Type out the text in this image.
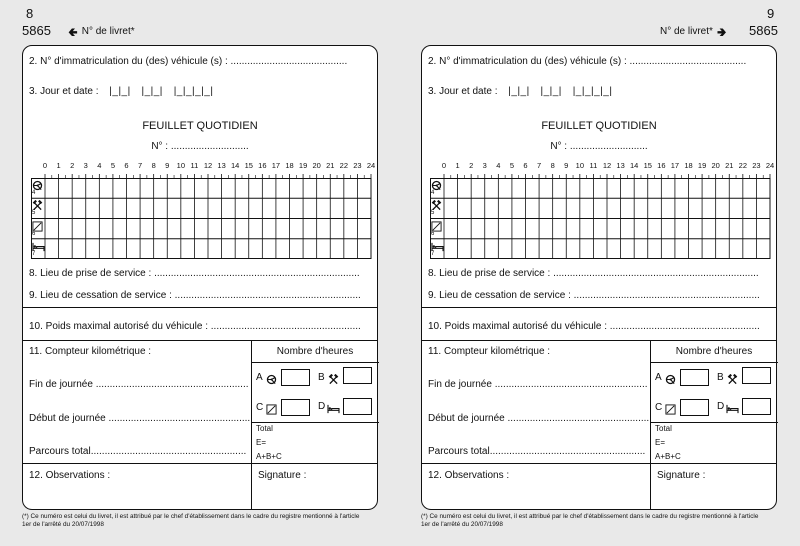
8
5865 🢀 N° de livret*
9
5865
N° de livret* 🢂
2. N° d'immatriculation du (des) véhicule (s) : ..........................................
3. Jour et date : |_|_| |_|_| |_|_|_|_|
FEUILLET QUOTIDIEN
N° : ............................
0 1 2 3 4 5 6 7 8 9 10 11 12 13 14 15 16 17 18 19 20 21 22 23 24
4
5
6
7
8. Lieu de prise de service : ..........................................................................
9. Lieu de cessation de service : ...................................................................
10. Poids maximal autorisé du véhicule : ......................................................
11. Compteur kilométrique :
Fin de journée .......................................................
Début de journée ...................................................
Parcours total........................................................
Nombre d'heures
A	B
C	D
Total
E=
A+B+C
12. Observations :	Signature :
2. N° d'immatriculation du (des) véhicule (s) : ..........................................
3. Jour et date : |_|_| |_|_| |_|_|_|_|
FEUILLET QUOTIDIEN
N° : ............................
0 1 2 3 4 5 6 7 8 9 10 11 12 13 14 15 16 17 18 19 20 21 22 23 24
4
5
6
7
8. Lieu de prise de service : ..........................................................................
9. Lieu de cessation de service : ...................................................................
10. Poids maximal autorisé du véhicule : ......................................................
11. Compteur kilométrique :
Fin de journée .......................................................
Début de journée ...................................................
Parcours total........................................................
Nombre d'heures
A	B
C	D
Total
E=
A+B+C
12. Observations :	Signature :
(*) Ce numéro est celui du livret, il est attribué par le chef d'établissement dans le cadre du registre mentionné à l'article
1er de l'arrêté du 20/07/1998
(*) Ce numéro est celui du livret, il est attribué par le chef d'établissement dans le cadre du registre mentionné à l'article
1er de l'arrêté du 20/07/1998
